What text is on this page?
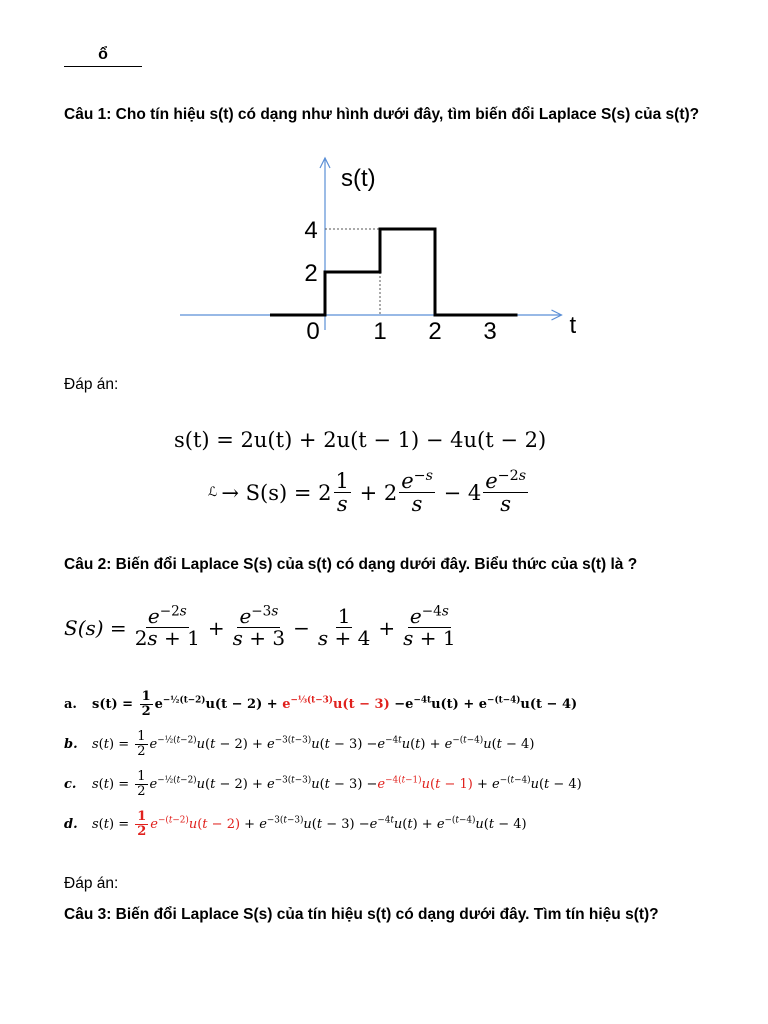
ổ
Câu 1: Cho tín hiệu s(t) có dạng như hình dưới đây, tìm biến đổi Laplace S(s) của s(t)?
0 1 2 3
2
4
s(t)
t
Đáp án:
s(t) = 2u(t) + 2u(t − 1) − 4u(t − 2)
ℒ → $S(s) = 2 \frac{1}{s} + 2 \frac{e^{-s}}{s} - 4 \frac{e^{-2s}}{s}$
Câu 2: Biến đổi Laplace S(s) của s(t) có dạng dưới đây. Biểu thức của s(t) là ?
$S(s) = \frac{e^{-2s}}{2s + 1} + \frac{e^{-3s}}{s + 3} - \frac{1}{s + 4} + \frac{e^{-4s}}{s + 1}$
a.	$s(t) = \frac{1}{2} e^{-\frac{1}{2}(t-2)}u(t - 2) + e^{-\frac{1}{3}(t-3)}u(t - 3) -e^{-4t}u(t) + e^{-(t-4)}u(t - 4)$
b.	$s(t) = \frac{1}{2} e^{-\frac{1}{2}(t-2)}u(t - 2) + e^{-3(t-3)}u(t - 3) -e^{-4t}u(t) + e^{-(t-4)}u(t - 4)$
c.	$s(t) = \frac{1}{2} e^{-\frac{1}{2}(t-2)}u(t - 2) + e^{-3(t-3)}u(t - 3) - e^{-4(t-1)}u(t - 1) + e^{-(t-4)}u(t - 4)$
d.	$s(t) = \frac{1}{2} e^{-(t-2)}u(t - 2) + e^{-3(t-3)}u(t - 3) -e^{-4t}u(t) + e^{-(t-4)}u(t - 4)$
Đáp án:
Câu 3: Biến đổi Laplace S(s) của tín hiệu s(t) có dạng dưới đây. Tìm tín hiệu s(t)?
